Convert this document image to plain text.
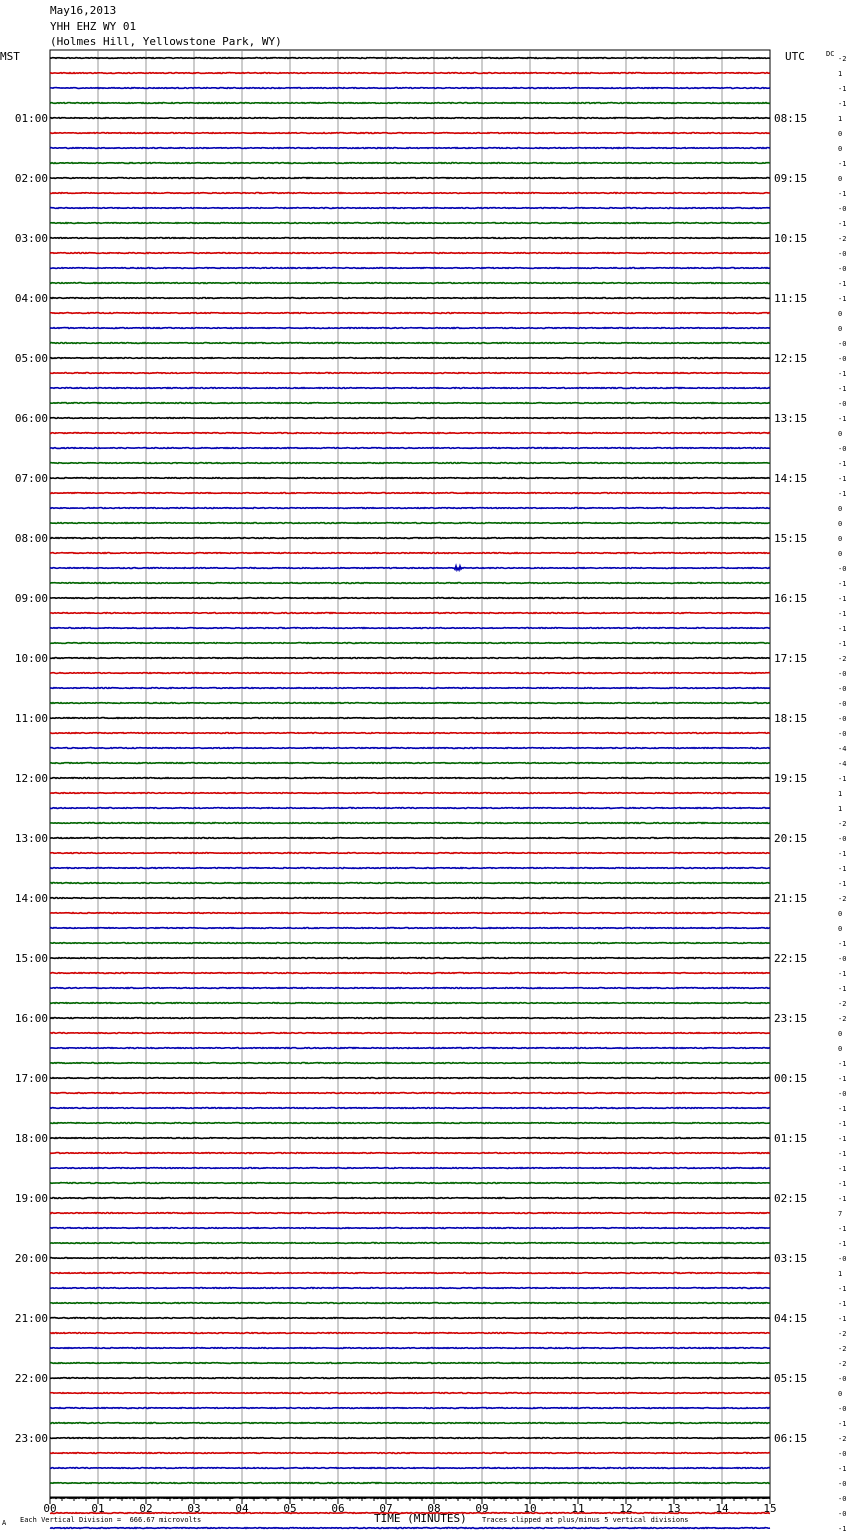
May16,2013
YHH EHZ WY 01
(Holmes Hill, Yellowstone Park, WY)
MST	UTC	DC
-2
1
-1
-1
1
0
0
-1
0
-1
-0
-1
-2
-0
-0
-1
-1
0
0
-0
-0
-1
-1
-0
-1
0
-0
-1
-1
-1
0
0
0
0
-0
-1
-1
-1
-1
-1
-2
-0
-0
-0
-0
-0
-4
-4
-1
1
1
-2
-0
-1
-1
-1
-2
0
0
-1
-0
-1
-1
-2
-2
0
0
-1
-1
-0
-1
-1
-1
-1
-1
-1
-1
7
-1
-1
-0
1
-1
-1
-1
-2
-2
-2
-0
0
-0
-1
-2
-0
-1
-0
-0
-0
-1
01:00
02:00
03:00
04:00
05:00
06:00
07:00
08:00
09:00
10:00
11:00
12:00
13:00
14:00
15:00
16:00
17:00
18:00
19:00
20:00
21:00
22:00
23:00
08:15
09:15
10:15
11:15
12:15
13:15
14:15
15:15
16:15
17:15
18:15
19:15
20:15
21:15
22:15
23:15
00:15
01:15
02:15
03:15
04:15
05:15
06:15
00	01	02	03	04	05	06	07	08	09	10	11	12	13	14	15
A Each Vertical Division =  666.67 microvolts	TIME (MINUTES) Traces clipped at plus/minus 5 vertical divisions
